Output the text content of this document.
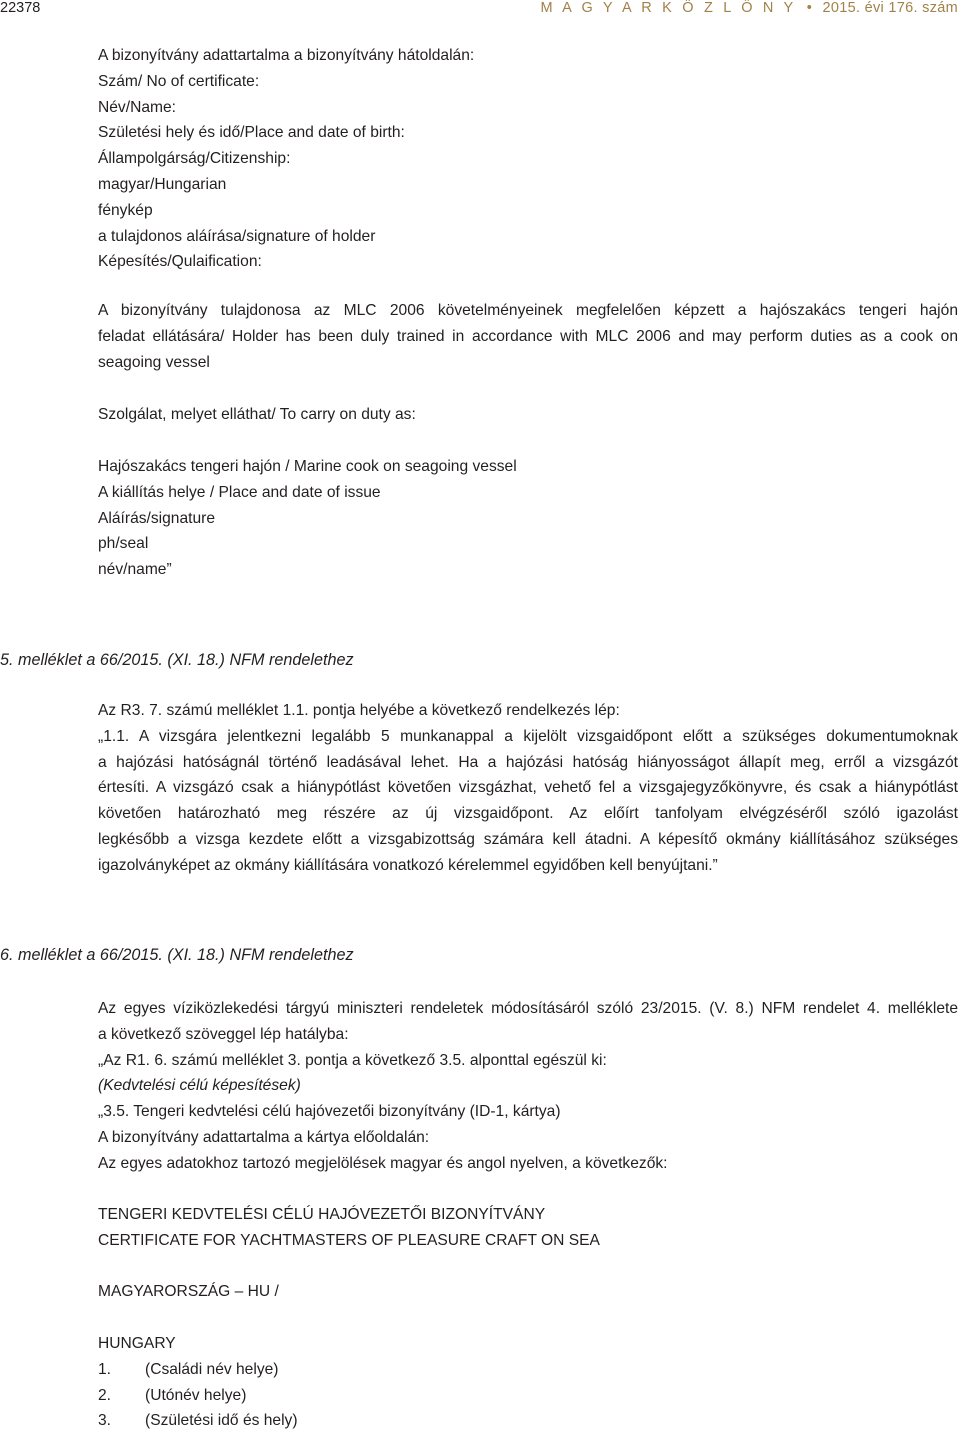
22378	M A G Y A R K Ö Z L Ö N Y • 2015. évi 176. szám
A bizonyítvány adattartalma a bizonyítvány hátoldalán:
Szám/ No of certificate:
Név/Name:
Születési hely és idő/Place and date of birth:
Állampolgárság/Citizenship:
magyar/Hungarian
fénykép
a tulajdonos aláírása/signature of holder
Képesítés/Qulaification:
A bizonyítvány tulajdonosa az MLC 2006 követelményeinek megfelelően képzett a hajószakács tengeri hajón
feladat ellátására/ Holder has been duly trained in accordance with MLC 2006 and may perform duties as a cook on
seagoing vessel
Szolgálat, melyet elláthat/ To carry on duty as:
Hajószakács tengeri hajón / Marine cook on seagoing vessel
A kiállítás helye / Place and date of issue
Aláírás/signature
ph/seal
név/name”
5. melléklet a 66/2015. (XI. 18.) NFM rendelethez
Az R3. 7. számú melléklet 1.1. pontja helyébe a következő rendelkezés lép:
„1.1. A vizsgára jelentkezni legalább 5 munkanappal a kijelölt vizsgaidőpont előtt a szükséges dokumentumoknak
a hajózási hatóságnál történő leadásával lehet. Ha a hajózási hatóság hiányosságot állapít meg, erről a vizsgázót
értesíti. A vizsgázó csak a hiánypótlást követően vizsgázhat, vehető fel a vizsgajegyzőkönyvre, és csak a hiánypótlást
követően határozható meg részére az új vizsgaidőpont. Az előírt tanfolyam elvégzéséről szóló igazolást
legkésőbb a vizsga kezdete előtt a vizsgabizottság számára kell átadni. A képesítő okmány kiállításához szükséges
igazolványképet az okmány kiállítására vonatkozó kérelemmel egyidőben kell benyújtani.”
6. melléklet a 66/2015. (XI. 18.) NFM rendelethez
Az egyes víziközlekedési tárgyú miniszteri rendeletek módosításáról szóló 23/2015. (V. 8.) NFM rendelet 4. melléklete
a következő szöveggel lép hatályba:
„Az R1. 6. számú melléklet 3. pontja a következő 3.5. alponttal egészül ki:
(Kedvtelési célú képesítések)
„3.5. Tengeri kedvtelési célú hajóvezetői bizonyítvány (ID-1, kártya)
A bizonyítvány adattartalma a kártya előoldalán:
Az egyes adatokhoz tartozó megjelölések magyar és angol nyelven, a következők:
TENGERI KEDVTELÉSI CÉLÚ HAJÓVEZETŐI BIZONYÍTVÁNY
CERTIFICATE FOR YACHTMASTERS OF PLEASURE CRAFT ON SEA
MAGYARORSZÁG – HU /
HUNGARY
1. (Családi név helye)
2. (Utónév helye)
3. (Születési idő és hely)
